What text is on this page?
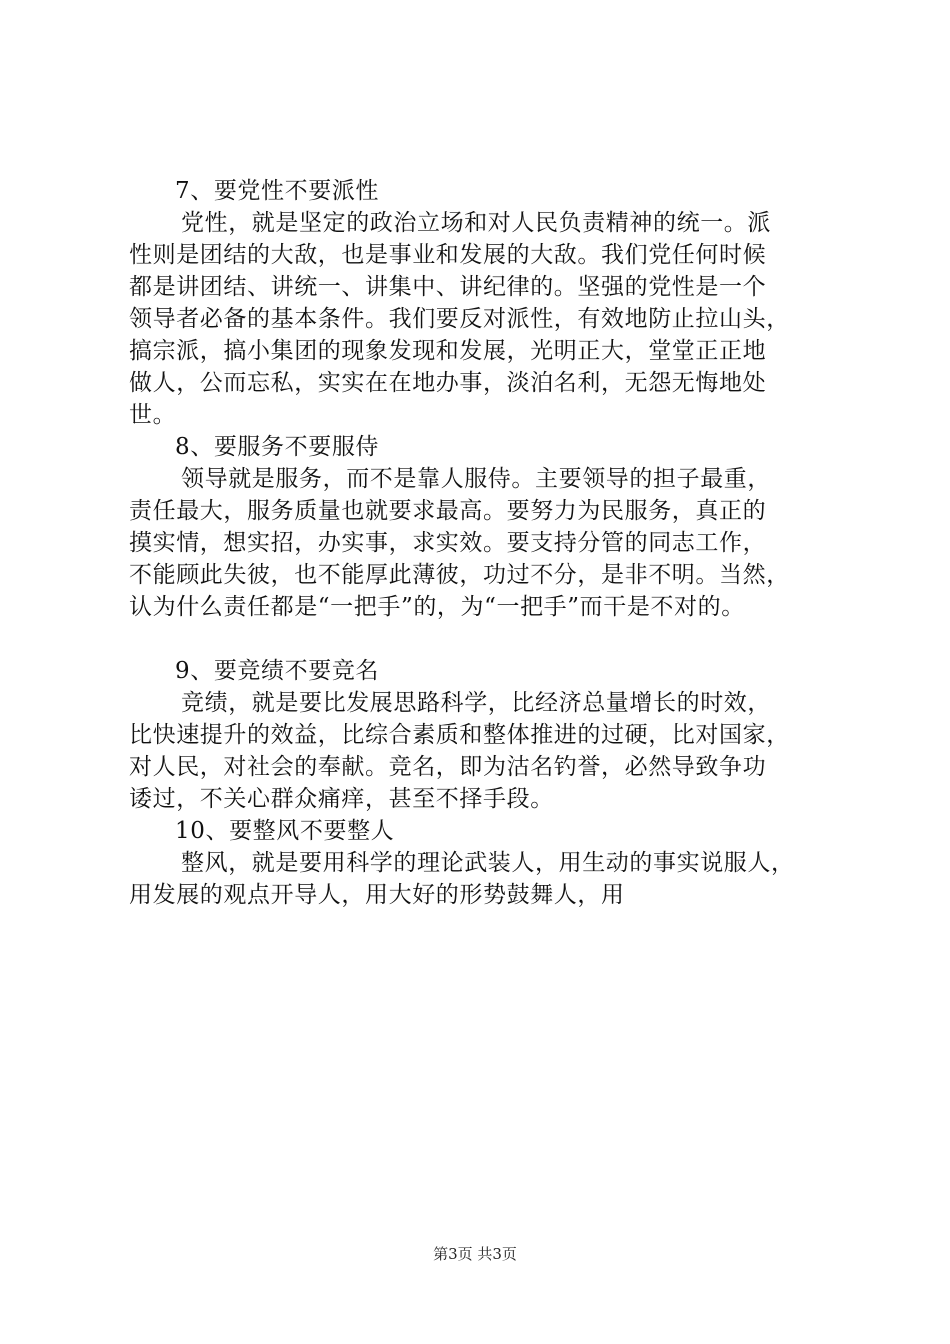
7、要党性不要派性
党性，就是坚定的政治立场和对人民负责精神的统一。派
性则是团结的大敌，也是事业和发展的大敌。我们党任何时候
都是讲团结、讲统一、讲集中、讲纪律的。坚强的党性是一个
领导者必备的基本条件。我们要反对派性，有效地防止拉山头，
搞宗派，搞小集团的现象发现和发展，光明正大，堂堂正正地
做人，公而忘私，实实在在地办事，淡泊名利，无怨无悔地处
世。
8、要服务不要服侍
领导就是服务，而不是靠人服侍。主要领导的担子最重，
责任最大，服务质量也就要求最高。要努力为民服务，真正的
摸实情，想实招，办实事，求实效。要支持分管的同志工作，
不能顾此失彼，也不能厚此薄彼，功过不分，是非不明。当然，
认为什么责任都是“一把手”的，为“一把手”而干是不对的。
9、要竞绩不要竞名
竞绩，就是要比发展思路科学，比经济总量增长的时效，
比快速提升的效益，比综合素质和整体推进的过硬，比对国家，
对人民，对社会的奉献。竞名，即为沽名钓誉，必然导致争功
诿过，不关心群众痛痒，甚至不择手段。
10、要整风不要整人
整风，就是要用科学的理论武装人，用生动的事实说服人，
用发展的观点开导人，用大好的形势鼓舞人，用
第3页 共3页
